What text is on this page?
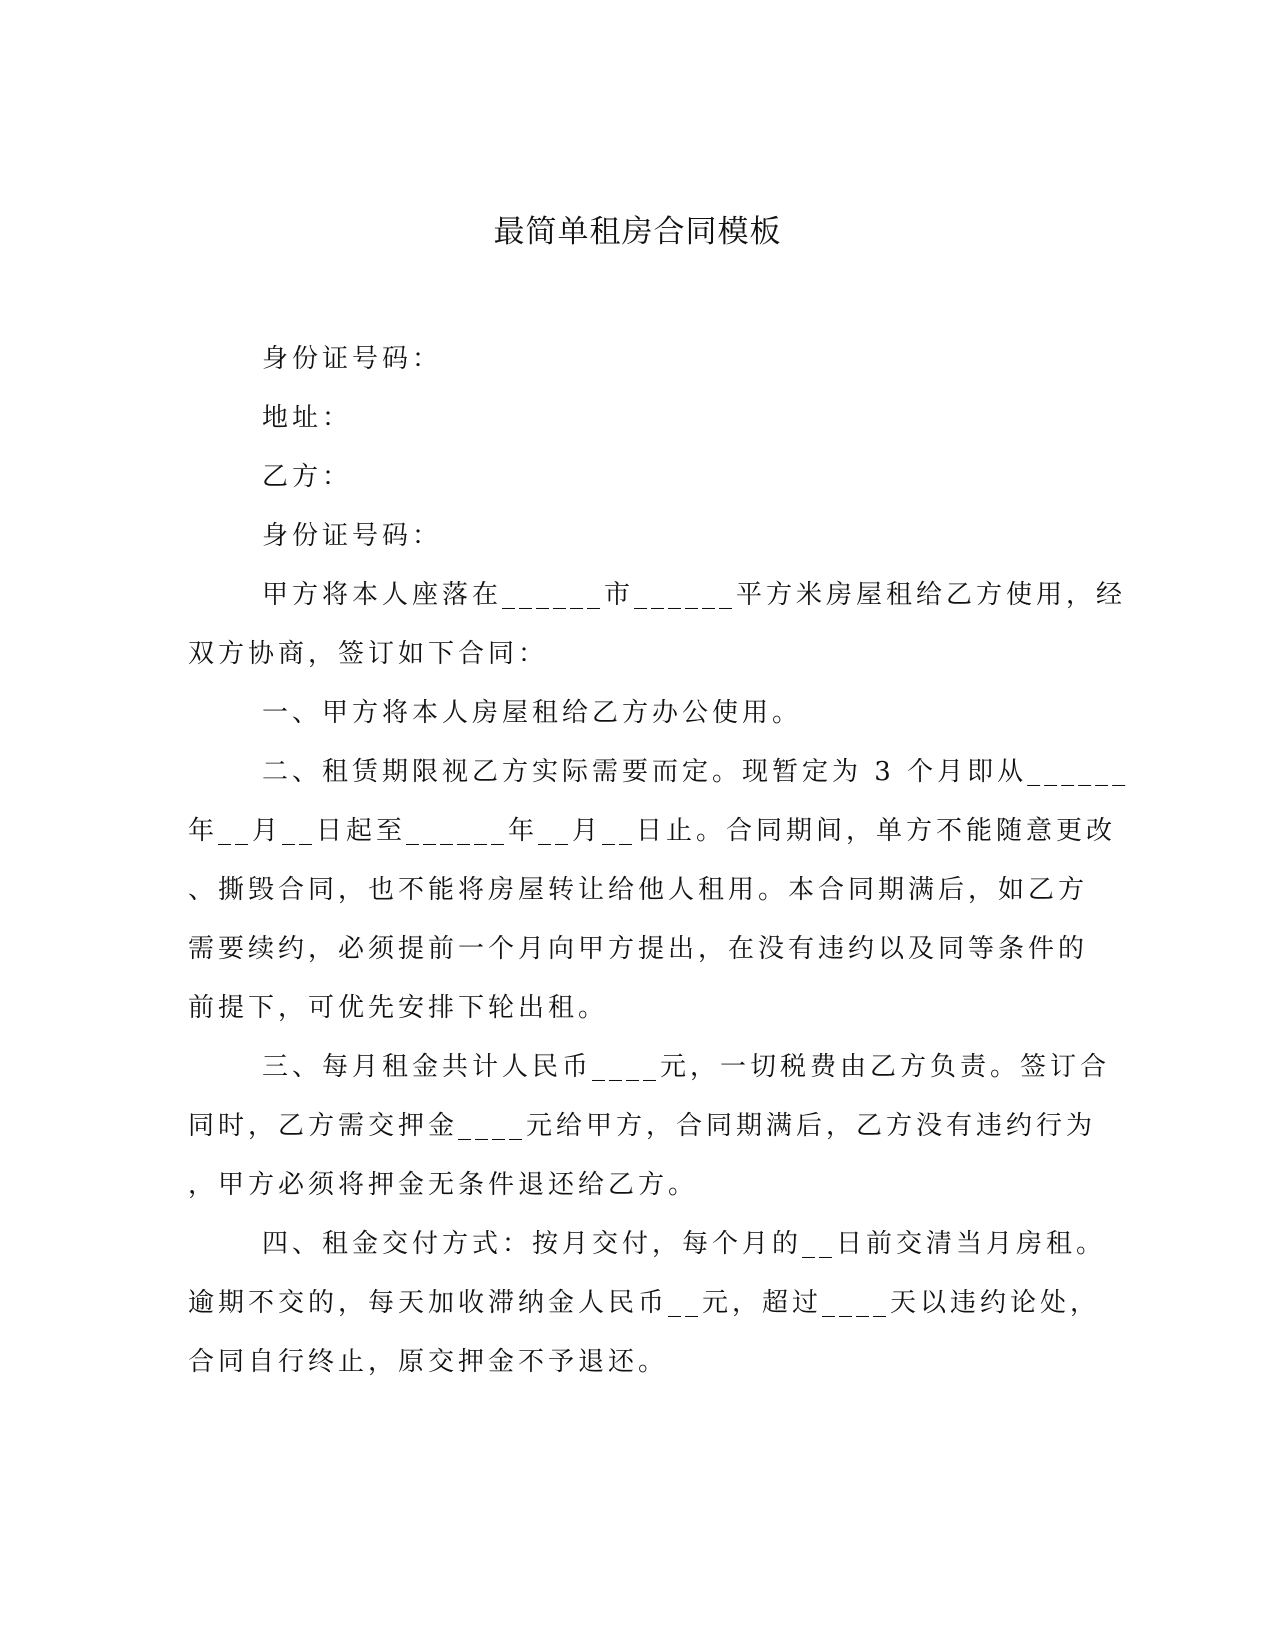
最简单租房合同模板
身份证号码：
地址：
乙方：
身份证号码：
甲方将本人座落在______市______平方米房屋租给乙方使用，经
双方协商，签订如下合同：
一、甲方将本人房屋租给乙方办公使用。
二、租赁期限视乙方实际需要而定。现暂定为 3 个月即从______
年__月__日起至______年__月__日止。合同期间，单方不能随意更改
、撕毁合同，也不能将房屋转让给他人租用。本合同期满后，如乙方
需要续约，必须提前一个月向甲方提出，在没有违约以及同等条件的
前提下，可优先安排下轮出租。
三、每月租金共计人民币____元，一切税费由乙方负责。签订合
同时，乙方需交押金____元给甲方，合同期满后，乙方没有违约行为
，甲方必须将押金无条件退还给乙方。
四、租金交付方式：按月交付，每个月的__日前交清当月房租。
逾期不交的，每天加收滞纳金人民币__元，超过____天以违约论处，
合同自行终止，原交押金不予退还。
